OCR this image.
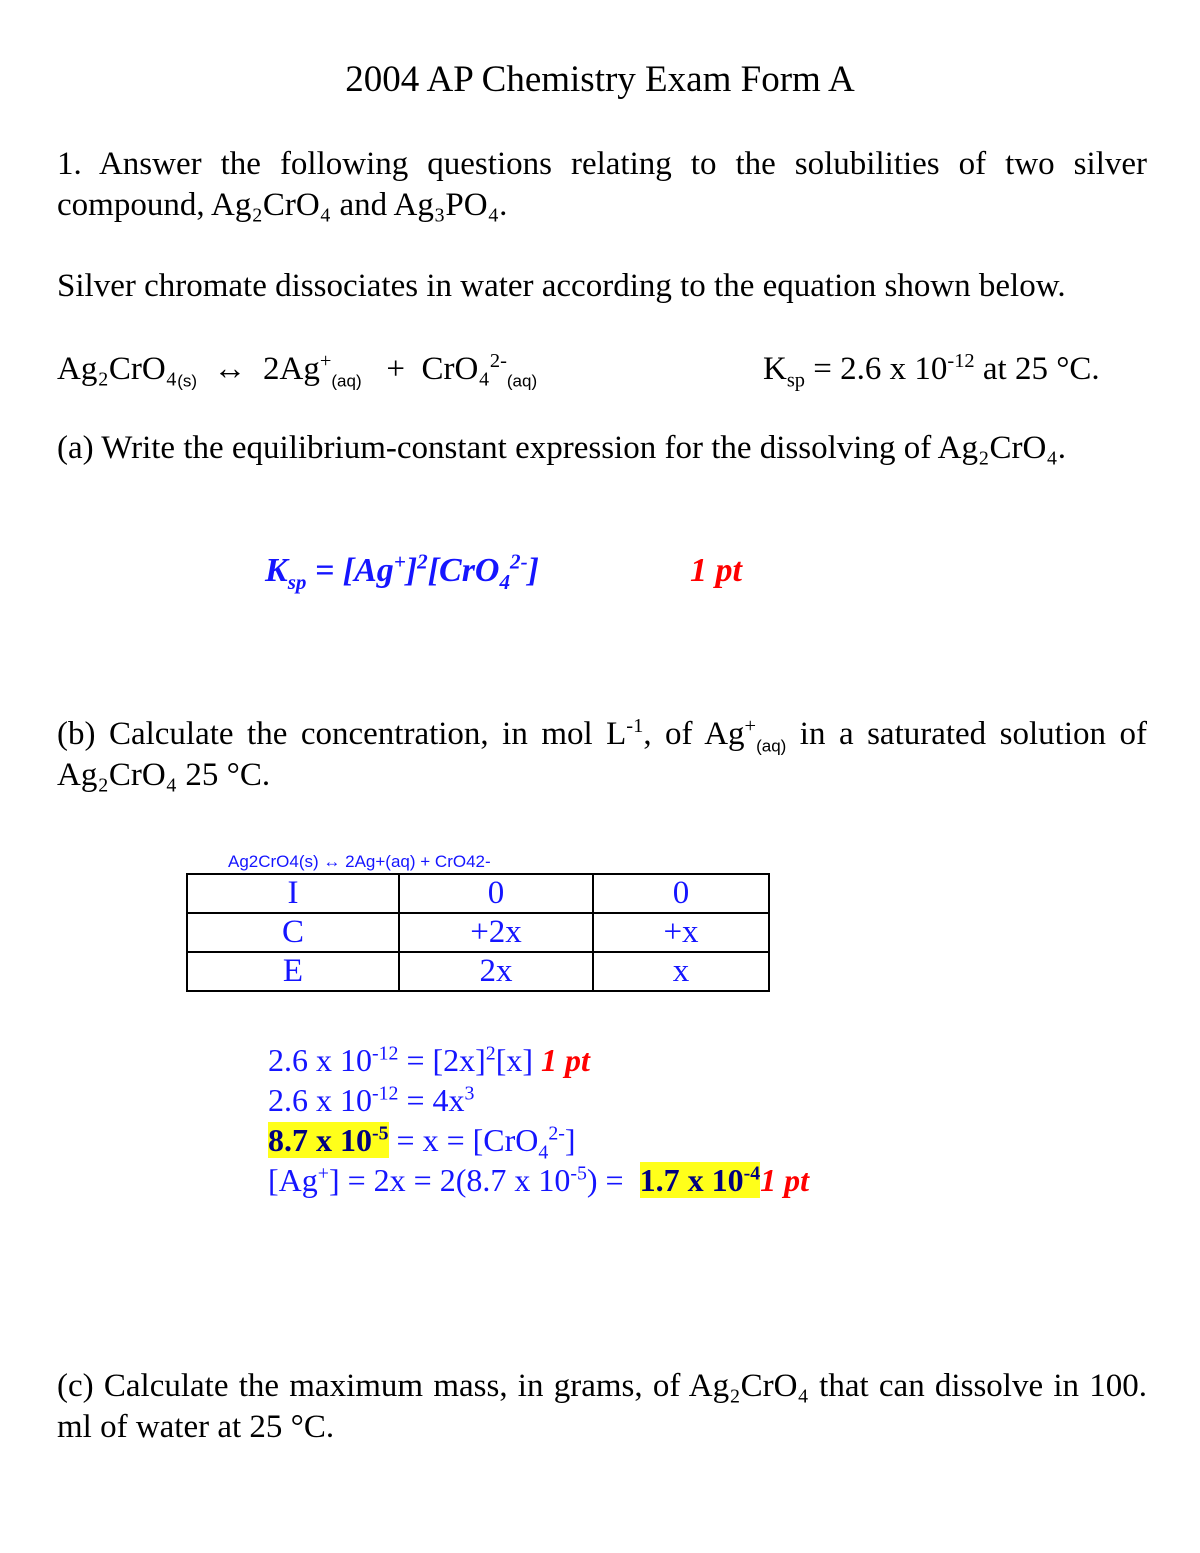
2004 AP Chemistry Exam Form A
1. Answer the following questions relating to the solubilities of two silver compound, Ag₂CrO₄ and Ag₃PO₄.
Silver chromate dissociates in water according to the equation shown below.
$Ag_2CrO_4_{(s)}$ ↔ $2Ag^+_{(aq)} + CrO_4^{2-}_{(aq)}$	$K_{sp} = 2.6$ x $10^{-12}$ at 25 °C.
(a) Write the equilibrium-constant expression for the dissolving of Ag₂CrO₄.
$K_{sp} = [Ag^+]^2[CrO_4^{2-}]$	1 pt
(b) Calculate the concentration, in mol $L^{-1}$, of $Ag^+_{(aq)}$ in a saturated solution of Ag₂CrO₄ 25 °C.
Ag2CrO4(s) ↔ 2Ag+(aq) + CrO42-
I	0	0
C	+2x	+x
E	2x	x
2.6 x $10^{-12} = [2x]^2[x]$ 1 pt
2.6 x $10^{-12} = 4x^3$
8.7 x $10^{-5} = x = [CrO_4^{2-}]$
[Ag+] = 2x = 2(8.7 x $10^{-5}) = 1.7$ x $10^{-4}1$ pt
(c) Calculate the maximum mass, in grams, of Ag₂CrO₄ that can dissolve in 100. ml of water at 25 °C.
